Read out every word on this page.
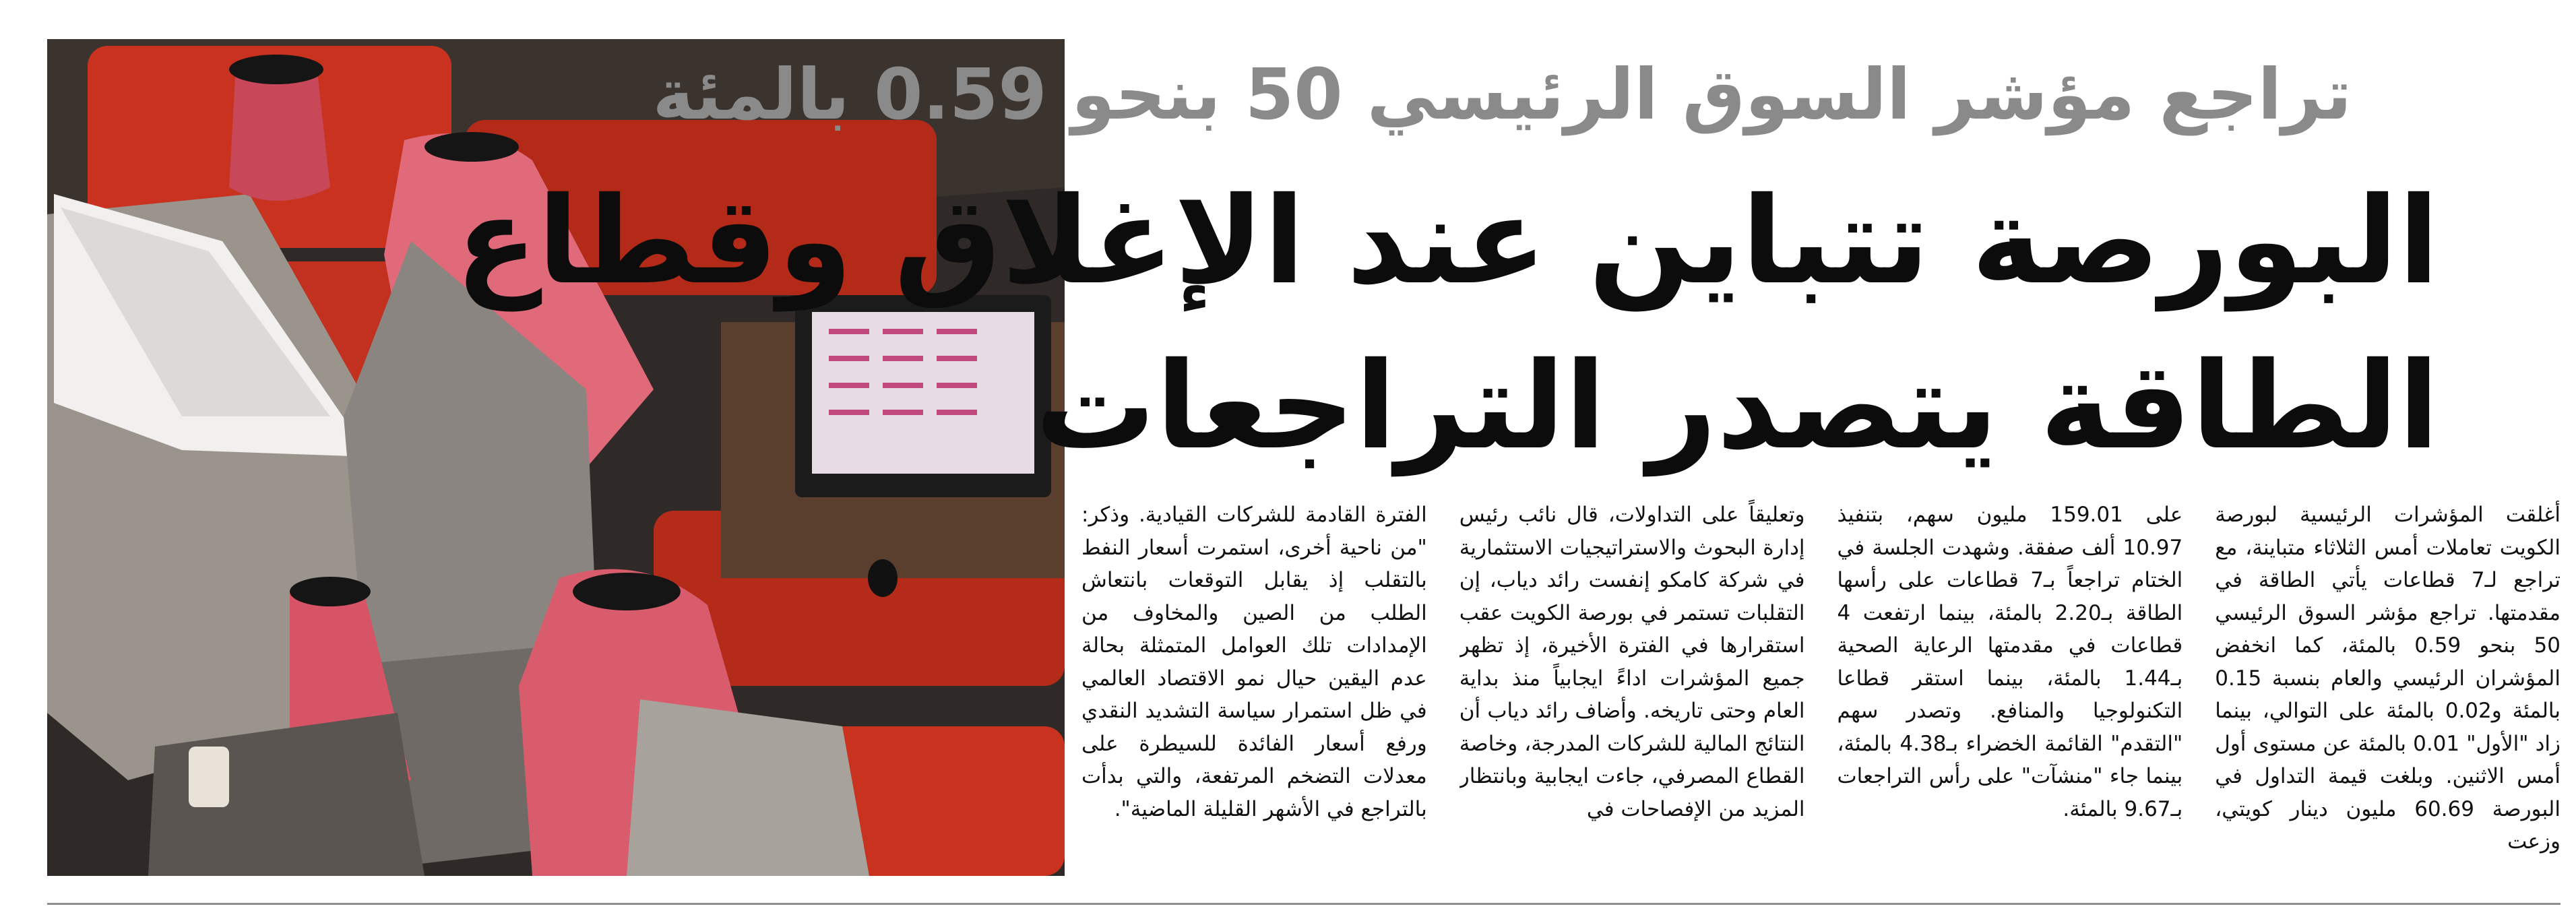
تراجع مؤشر السوق الرئيسي 50 بنحو 0.59 بالمئة
البورصة تتباين عند الإغلاق وقطاع
الطاقة يتصدر التراجعات

أغلقت المؤشرات الرئيسية لبورصة الكويت تعاملات أمس الثلاثاء متباينة، مع تراجع لـ7 قطاعات يأتي الطاقة في مقدمتها. تراجع مؤشر السوق الرئيسي 50 بنحو 0.59 بالمئة، كما انخفض المؤشران الرئيسي والعام بنسبة 0.15 بالمئة و0.02 بالمئة على التوالي، بينما زاد "الأول" 0.01 بالمئة عن مستوى أول أمس الاثنين. وبلغت قيمة التداول في البورصة 60.69 مليون دينار كويتي، وزعت

على 159.01 مليون سهم، بتنفيذ 10.97 ألف صفقة. وشهدت الجلسة في الختام تراجعاً بـ7 قطاعات على رأسها الطاقة بـ2.20 بالمئة، بينما ارتفعت 4 قطاعات في مقدمتها الرعاية الصحية بـ1.44 بالمئة، بينما استقر قطاعا التكنولوجيا والمنافع. وتصدر سهم "التقدم" القائمة الخضراء بـ4.38 بالمئة، بينما جاء "منشآت" على رأس التراجعات بـ9.67 بالمئة.

وتعليقاً على التداولات، قال نائب رئيس إدارة البحوث والاستراتيجيات الاستثمارية في شركة كامكو إنفست رائد دياب، إن التقلبات تستمر في بورصة الكويت عقب استقرارها في الفترة الأخيرة، إذ تظهر جميع المؤشرات اداءً ايجابياً منذ بداية العام وحتى تاريخه. وأضاف رائد دياب أن النتائج المالية للشركات المدرجة، وخاصة القطاع المصرفي، جاءت ايجابية وبانتظار المزيد من الإفصاحات في

الفترة القادمة للشركات القيادية. وذكر: "من ناحية أخرى، استمرت أسعار النفط بالتقلب إذ يقابل التوقعات بانتعاش الطلب من الصين والمخاوف من الإمدادات تلك العوامل المتمثلة بحالة عدم اليقين حيال نمو الاقتصاد العالمي في ظل استمرار سياسة التشديد النقدي ورفع أسعار الفائدة للسيطرة على معدلات التضخم المرتفعة، والتي بدأت بالتراجع في الأشهر القليلة الماضية".
